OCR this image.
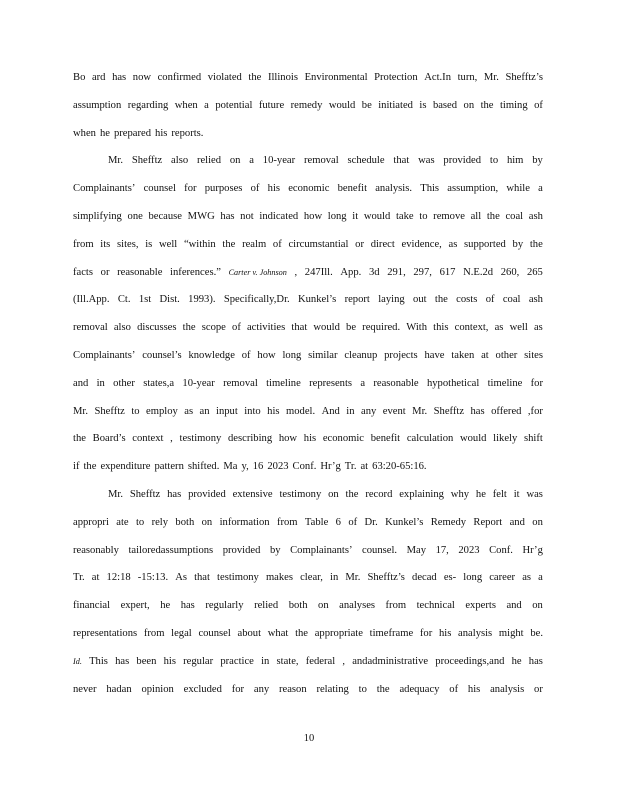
Bo ard has now confirmed violated the Illinois Environmental Protection Act.In turn, Mr. Shefftz’s
assumption regarding when a potential future remedy would be initiated is based on the timing of
when he prepared his reports.
Mr. Shefftz also relied on a 10-year removal schedule that was provided to him by
Complainants’ counsel for purposes of his economic benefit analysis. This assumption, while a
simplifying one because MWG has not indicated how long it would take to remove all the coal ash
from its sites, is well “within the realm of circumstantial or direct evidence, as supported by the
facts or reasonable inferences.” Carter v. Johnson , 247Ill. App. 3d 291, 297, 617 N.E.2d 260, 265
(Ill.App. Ct. 1st Dist. 1993). Specifically,Dr. Kunkel’s report laying out the costs of coal ash
removal also discusses the scope of activities that would be required. With this context, as well as
Complainants’ counsel’s knowledge of how long similar cleanup projects have taken at other sites
and in other states,a 10-year removal timeline represents a reasonable hypothetical timeline for
Mr. Shefftz to employ as an input into his model. And in any event Mr. Shefftz has offered ,for
the Board’s context , testimony describing how his economic benefit calculation would likely shift
if the expenditure pattern shifted. Ma y, 16 2023 Conf. Hr’g Tr. at 63:20-65:16.
Mr. Shefftz has provided extensive testimony on the record explaining why he felt it was
appropri ate to rely both on information from Table 6 of Dr. Kunkel’s Remedy Report and on
reasonably tailoredassumptions provided by Complainants’ counsel. May 17, 2023 Conf. Hr’g
Tr. at 12:18 -15:13. As that testimony makes clear, in Mr. Shefftz’s decad es- long career as a
financial expert, he has regularly relied both on analyses from technical experts and on
representations from legal counsel about what the appropriate timeframe for his analysis might be.
Id. This has been his regular practice in state, federal , andadministrative proceedings,and he has
never hadan opinion excluded for any reason relating to the adequacy of his analysis or
10
